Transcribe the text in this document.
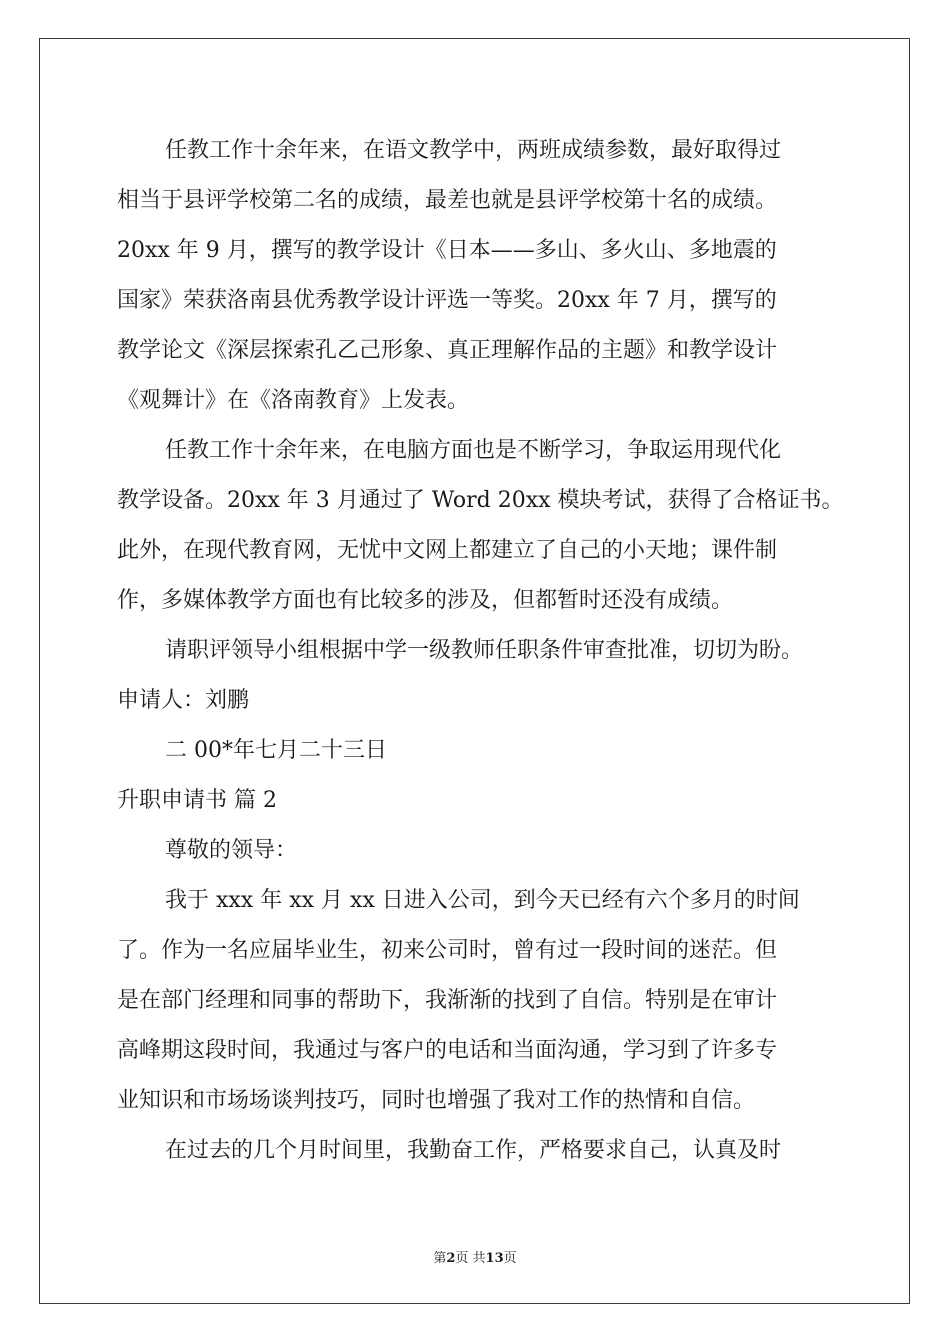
任教工作十余年来，在语文教学中，两班成绩参数，最好取得过

相当于县评学校第二名的成绩，最差也就是县评学校第十名的成绩。

20xx 年 9 月，撰写的教学设计《日本——多山、多火山、多地震的

国家》荣获洛南县优秀教学设计评选一等奖。20xx 年 7 月，撰写的

教学论文《深层探索孔乙己形象、真正理解作品的主题》和教学设计

《观舞计》在《洛南教育》上发表。

任教工作十余年来，在电脑方面也是不断学习，争取运用现代化

教学设备。20xx 年 3 月通过了 Word 20xx 模块考试，获得了合格证书。

此外，在现代教育网，无忧中文网上都建立了自己的小天地；课件制

作，多媒体教学方面也有比较多的涉及，但都暂时还没有成绩。

请职评领导小组根据中学一级教师任职条件审查批准，切切为盼。

申请人：刘鹏

二 00*年七月二十三日

升职申请书 篇 2

尊敬的领导：

我于 xxx 年 xx 月 xx 日进入公司，到今天已经有六个多月的时间

了。作为一名应届毕业生，初来公司时，曾有过一段时间的迷茫。但

是在部门经理和同事的帮助下，我渐渐的找到了自信。特别是在审计

高峰期这段时间，我通过与客户的电话和当面沟通，学习到了许多专

业知识和市场场谈判技巧，同时也增强了我对工作的热情和自信。

在过去的几个月时间里，我勤奋工作，严格要求自己，认真及时

第2页 共13页
